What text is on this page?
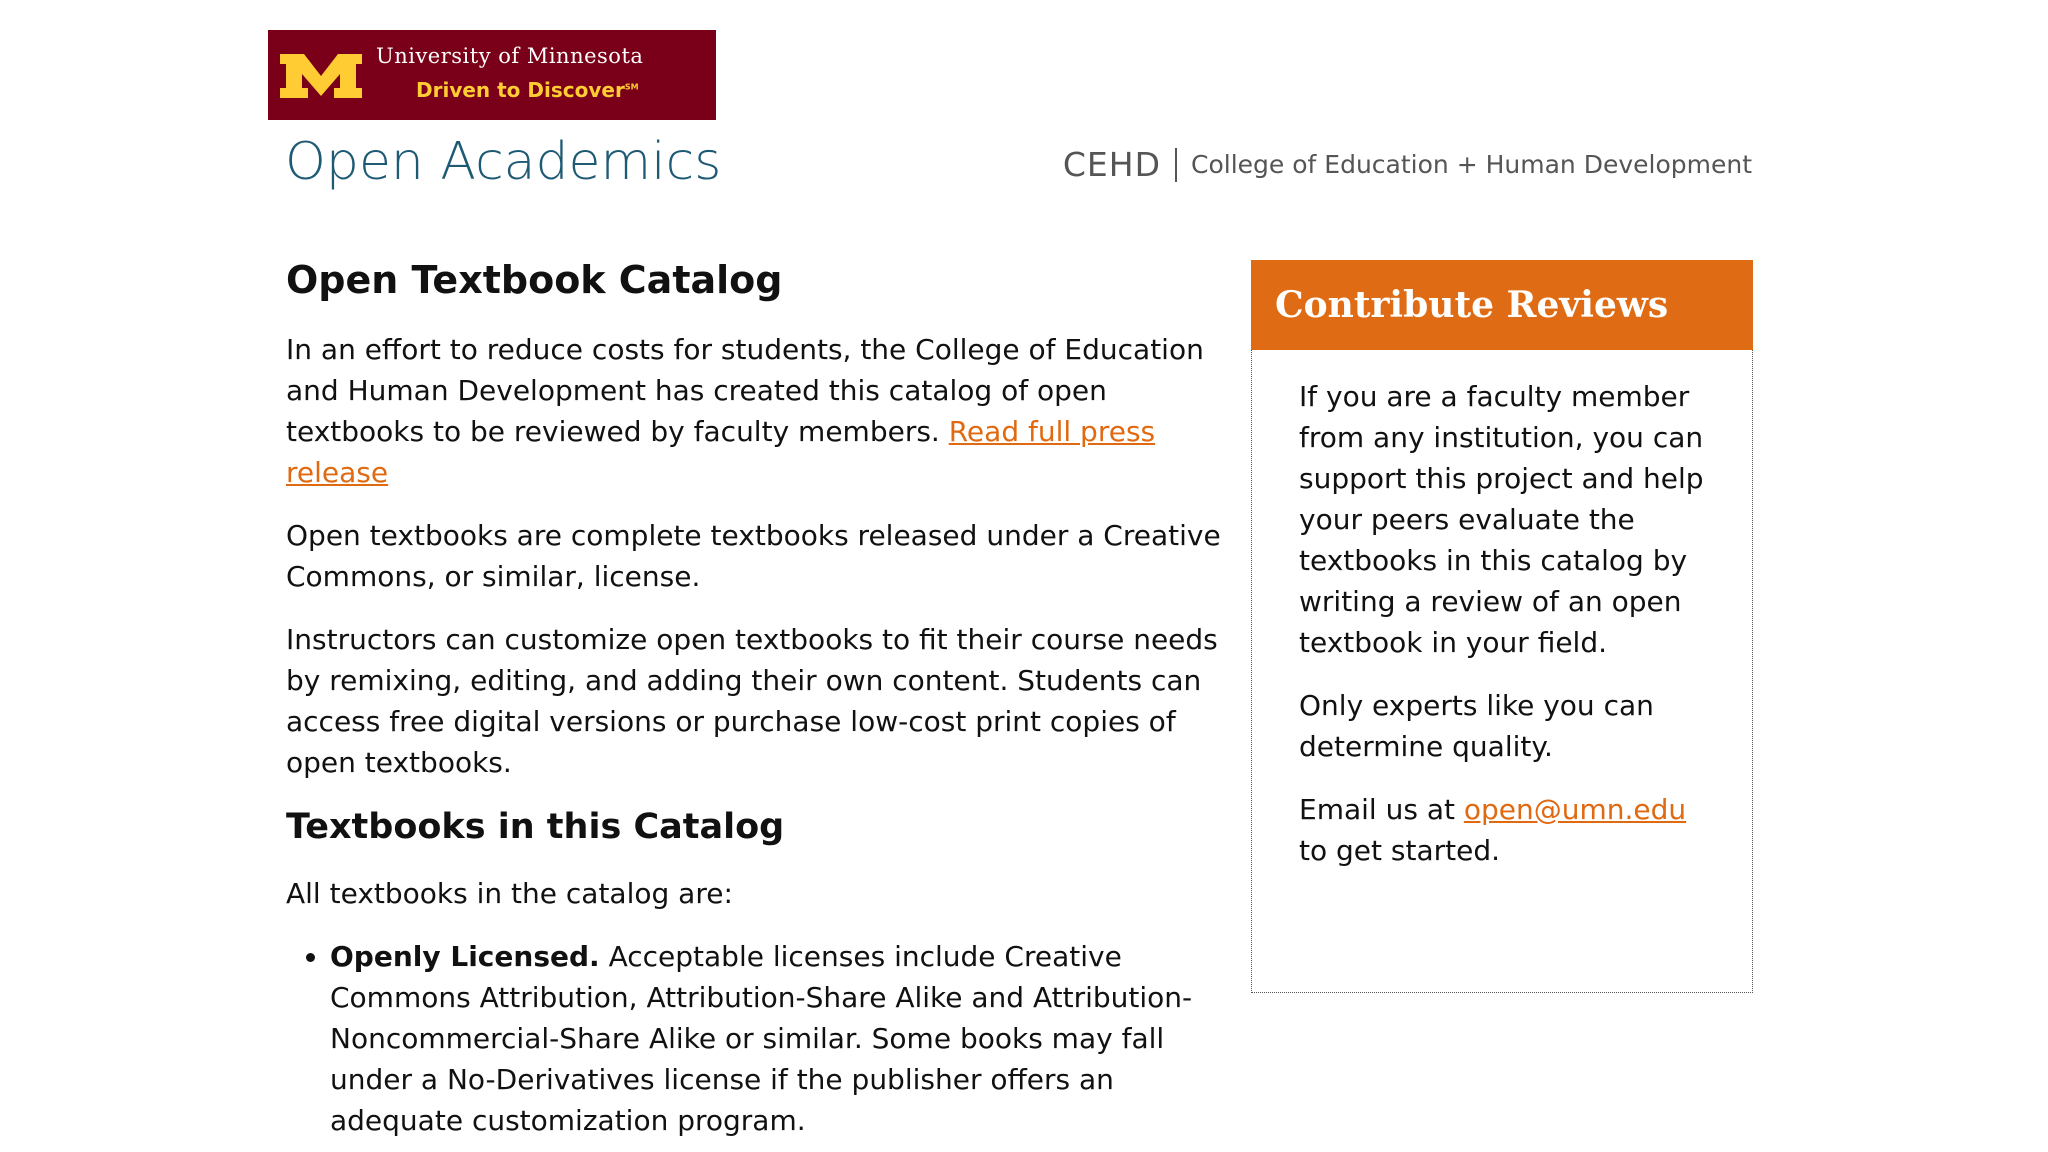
University of Minnesota
Driven to Discover℠
Open Academics	CEHD College of Education + Human Development
Open Textbook Catalog

In an effort to reduce costs for students, the College of Education and Human Development has created this catalog of open textbooks to be reviewed by faculty members. Read full press release

Open textbooks are complete textbooks released under a Creative Commons, or similar, license.

Instructors can customize open textbooks to fit their course needs by remixing, editing, and adding their own content. Students can access free digital versions or purchase low-cost print copies of open textbooks.

Textbooks in this Catalog

All textbooks in the catalog are:

• Openly Licensed. Acceptable licenses include Creative Commons Attribution, Attribution-Share Alike and Attribution-Noncommercial-Share Alike or similar. Some books may fall under a No-Derivatives license if the publisher offers an adequate customization program.
Contribute Reviews

If you are a faculty member from any institution, you can support this project and help your peers evaluate the textbooks in this catalog by writing a review of an open textbook in your field.

Only experts like you can determine quality.

Email us at open@umn.edu to get started.
